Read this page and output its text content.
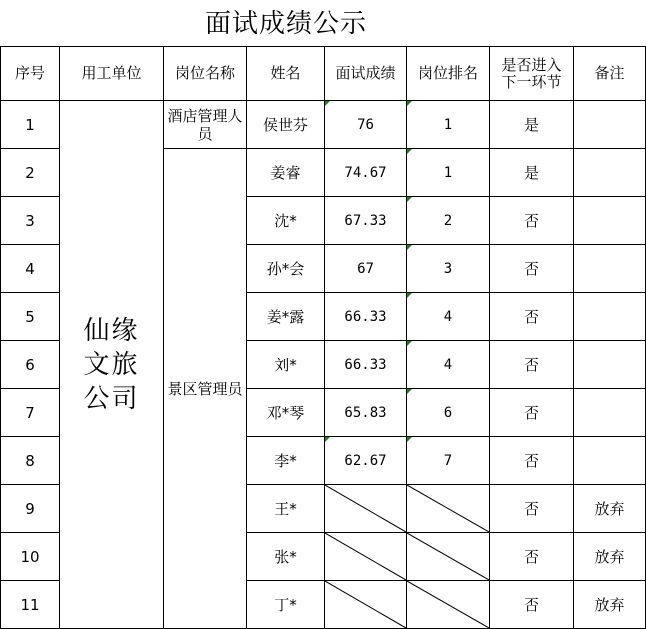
面试成绩公示
序号	用工单位	岗位名称	姓名	面试成绩	岗位排名	是否进入下一环节	备注
1	仙缘文旅公司	酒店管理人员	侯世芬	76	1	是	
2		景区管理员	姜睿	74.67	1	是	
3			沈*	67.33	2	否	
4			孙*会	67	3	否	
5			姜*露	66.33	4	否	
6			刘*	66.33	4	否	
7			邓*琴	65.83	6	否	
8			李*	62.67	7	否	
9			王*			否	放弃
10			张*			否	放弃
11			丁*			否	放弃
